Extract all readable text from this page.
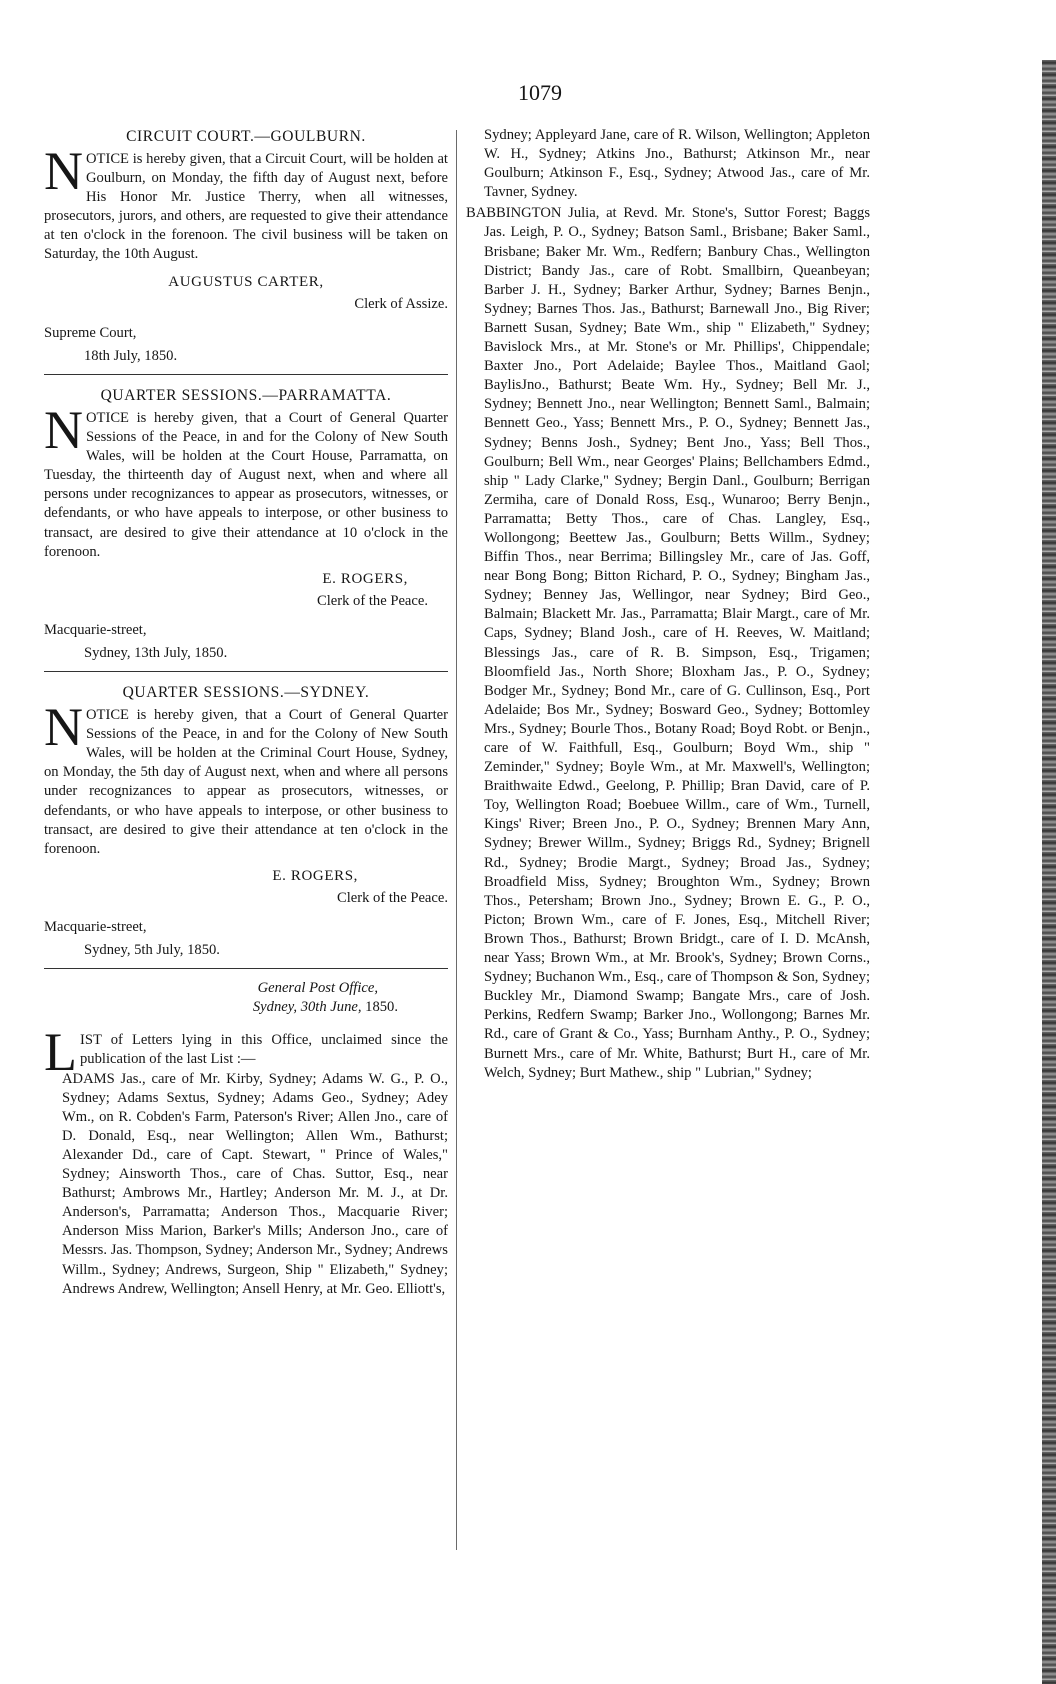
1079
CIRCUIT COURT.—GOULBURN.

NOTICE is hereby given, that a Circuit Court, will be holden at Goulburn, on Monday, the fifth day of August next, before His Honor Mr. Justice Therry, when all witnesses, prosecutors, jurors, and others, are requested to give their attendance at ten o'clock in the forenoon. The civil business will be taken on Saturday, the 10th August.

AUGUSTUS CARTER,
Clerk of Assize.
Supreme Court,
18th July, 1850.
QUARTER SESSIONS.—PARRAMATTA.

NOTICE is hereby given, that a Court of General Quarter Sessions of the Peace, in and for the Colony of New South Wales, will be holden at the Court House, Parramatta, on Tuesday, the thirteenth day of August next, when and where all persons under recognizances to appear as prosecutors, witnesses, or defendants, or who have appeals to interpose, or other business to transact, are desired to give their attendance at 10 o'clock in the forenoon.

E. ROGERS,
Clerk of the Peace.
Macquarie-street,
Sydney, 13th July, 1850.
QUARTER SESSIONS.—SYDNEY.

NOTICE is hereby given, that a Court of General Quarter Sessions of the Peace, in and for the Colony of New South Wales, will be holden at the Criminal Court House, Sydney, on Monday, the 5th day of August next, when and where all persons under recognizances to appear as prosecutors, witnesses, or defendants, or who have appeals to interpose, or other business to transact, are desired to give their attendance at ten o'clock in the forenoon.

E. ROGERS,
Clerk of the Peace.
Macquarie-street,
Sydney, 5th July, 1850.
General Post Office,
Sydney, 30th June, 1850.

LIST of Letters lying in this Office, unclaimed since the publication of the last List :—

ADAMS Jas., care of Mr. Kirby, Sydney; Adams W. G., P. O., Sydney; Adams Sextus, Sydney; Adams Geo., Sydney; Adey Wm., on R. Cobden's Farm, Paterson's River; Allen Jno., care of D. Donald, Esq., near Wellington; Allen Wm., Bathurst; Alexander Dd., care of Capt. Stewart, " Prince of Wales," Sydney; Ainsworth Thos., care of Chas. Suttor, Esq., near Bathurst; Ambrows Mr., Hartley; Anderson Mr. M. J., at Dr. Anderson's, Parramatta; Anderson Thos., Macquarie River; Anderson Miss Marion, Barker's Mills; Anderson Jno., care of Messrs. Jas. Thompson, Sydney; Anderson Mr., Sydney; Andrews Willm., Sydney; Andrews, Surgeon, Ship " Elizabeth," Sydney; Andrews Andrew, Wellington; Ansell Henry, at Mr. Geo. Elliott's,

Sydney; Appleyard Jane, care of R. Wilson, Wellington; Appleton W. H., Sydney; Atkins Jno., Bathurst; Atkinson Mr., near Goulburn; Atkinson F., Esq., Sydney; Atwood Jas., care of Mr. Tavner, Sydney.

BABBINGTON Julia, at Revd. Mr. Stone's, Suttor Forest; Baggs Jas. Leigh, P. O., Sydney; Batson Saml., Brisbane; Baker Saml., Brisbane; Baker Mr. Wm., Redfern; Banbury Chas., Wellington District; Bandy Jas., care of Robt. Smallbirn, Queanbeyan; Barber J. H., Sydney; Barker Arthur, Sydney; Barnes Benjn., Sydney; Barnes Thos. Jas., Bathurst; Barnewall Jno., Big River; Barnett Susan, Sydney; Bate Wm., ship " Elizabeth," Sydney; Bavislock Mrs., at Mr. Stone's or Mr. Phillips', Chippendale; Baxter Jno., Port Adelaide; Baylee Thos., Maitland Gaol; BaylisJno., Bathurst; Beate Wm. Hy., Sydney; Bell Mr. J., Sydney; Bennett Jno., near Wellington; Bennett Saml., Balmain; Bennett Geo., Yass; Bennett Mrs., P. O., Sydney; Bennett Jas., Sydney; Benns Josh., Sydney; Bent Jno., Yass; Bell Thos., Goulburn; Bell Wm., near Georges' Plains; Bellchambers Edmd., ship " Lady Clarke," Sydney; Bergin Danl., Goulburn; Berrigan Zermiha, care of Donald Ross, Esq., Wunaroo; Berry Benjn., Parramatta; Betty Thos., care of Chas. Langley, Esq., Wollongong; Beettew Jas., Goulburn; Betts Willm., Sydney; Biffin Thos., near Berrima; Billingsley Mr., care of Jas. Goff, near Bong Bong; Bitton Richard, P. O., Sydney; Bingham Jas., Sydney; Benney Jas, Wellingor, near Sydney; Bird Geo., Balmain; Blackett Mr. Jas., Parramatta; Blair Margt., care of Mr. Caps, Sydney; Bland Josh., care of H. Reeves, W. Maitland; Blessings Jas., care of R. B. Simpson, Esq., Trigamen; Bloomfield Jas., North Shore; Bloxham Jas., P. O., Sydney; Bodger Mr., Sydney; Bond Mr., care of G. Cullinson, Esq., Port Adelaide; Bos Mr., Sydney; Bosward Geo., Sydney; Bottomley Mrs., Sydney; Bourle Thos., Botany Road; Boyd Robt. or Benjn., care of W. Faithfull, Esq., Goulburn; Boyd Wm., ship " Zeminder," Sydney; Boyle Wm., at Mr. Maxwell's, Wellington; Braithwaite Edwd., Geelong, P. Phillip; Bran David, care of P. Toy, Wellington Road; Boebuee Willm., care of Wm., Turnell, Kings' River; Breen Jno., P. O., Sydney; Brennen Mary Ann, Sydney; Brewer Willm., Sydney; Briggs Rd., Sydney; Brignell Rd., Sydney; Brodie Margt., Sydney; Broad Jas., Sydney; Broadfield Miss, Sydney; Broughton Wm., Sydney; Brown Thos., Petersham; Brown Jno., Sydney; Brown E. G., P. O., Picton; Brown Wm., care of F. Jones, Esq., Mitchell River; Brown Thos., Bathurst; Brown Bridgt., care of I. D. McAnsh, near Yass; Brown Wm., at Mr. Brook's, Sydney; Brown Corns., Sydney; Buchanon Wm., Esq., care of Thompson & Son, Sydney; Buckley Mr., Diamond Swamp; Bangate Mrs., care of Josh. Perkins, Redfern Swamp; Barker Jno., Wollongong; Barnes Mr. Rd., care of Grant & Co., Yass; Burnham Anthy., P. O., Sydney; Burnett Mrs., care of Mr. White, Bathurst; Burt H., care of Mr. Welch, Sydney; Burt Mathew., ship " Lubrian," Sydney;
